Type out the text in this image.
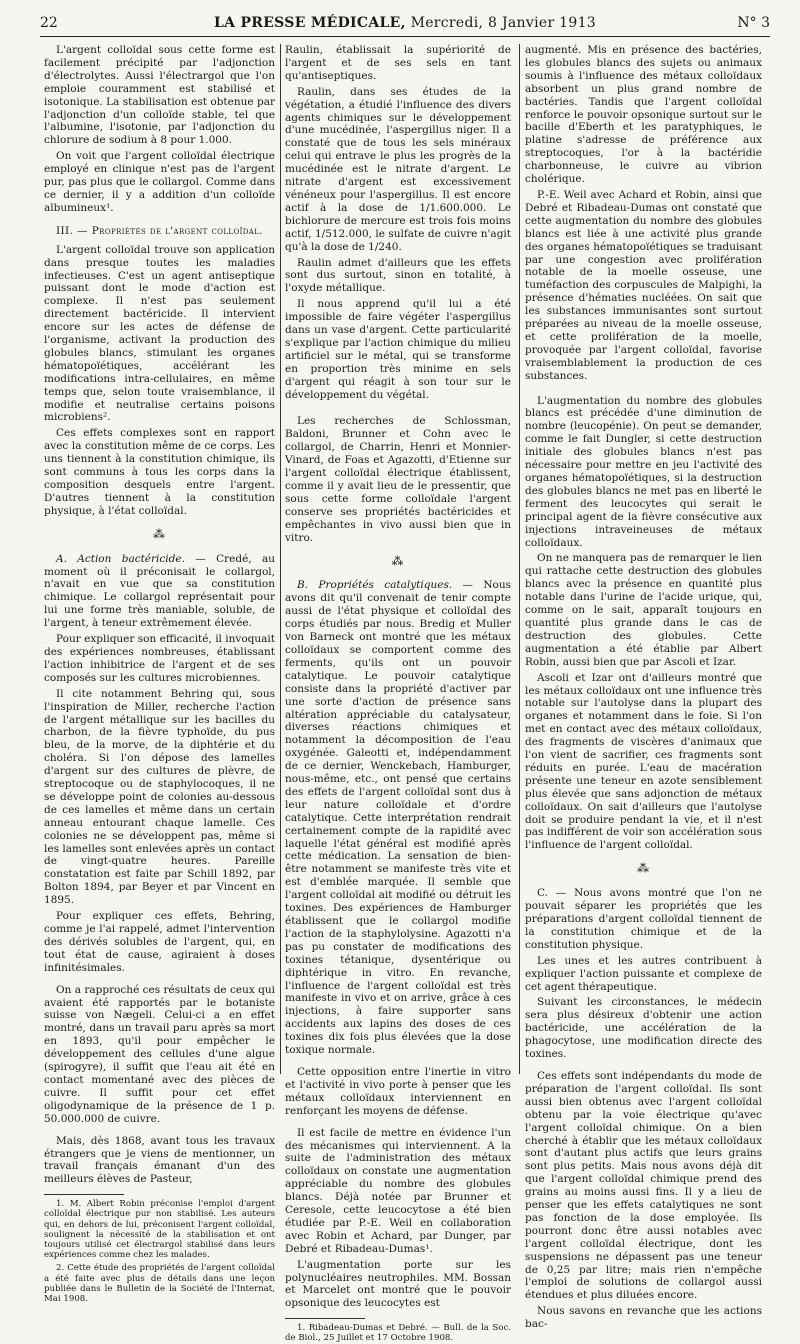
22	LA PRESSE MÉDICALE, Mercredi, 8 Janvier 1913	N° 3

L'argent colloïdal sous cette forme est facilement précipité par l'adjonction d'électrolytes. Aussi l'électrargol que l'on emploie couramment est stabilisé et isotonique. La stabilisation est obtenue par l'adjonction d'un colloïde stable, tel que l'albumine, l'isotonie, par l'adjonction du chlorure de sodium à 8 pour 1.000.

On voit que l'argent colloïdal électrique employé en clinique n'est pas de l'argent pur, pas plus que le collargol. Comme dans ce dernier, il y a addition d'un colloïde albumineux¹.

III. — Propriétés de l'argent colloïdal.

L'argent colloïdal trouve son application dans presque toutes les maladies infectieuses. C'est un agent antiseptique puissant dont le mode d'action est complexe. Il n'est pas seulement directement bactéricide. Il intervient encore sur les actes de défense de l'organisme, activant la production des globules blancs, stimulant les organes hématopoïétiques, accélérant les modifications intra-cellulaires, en même temps que, selon toute vraisemblance, il modifie et neutralise certains poisons microbiens².

Ces effets complexes sont en rapport avec la constitution même de ce corps. Les uns tiennent à la constitution chimique, ils sont communs à tous les corps dans la composition desquels entre l'argent. D'autres tiennent à la constitution physique, à l'état colloïdal.

⁂

A. Action bactéricide. — Credé, au moment où il préconisait le collargol, n'avait en vue que sa constitution chimique. Le collargol représentait pour lui une forme très maniable, soluble, de l'argent, à teneur extrêmement élevée.

Pour expliquer son efficacité, il invoquait des expériences nombreuses, établissant l'action inhibitrice de l'argent et de ses composés sur les cultures microbiennes.

Il cite notamment Behring qui, sous l'inspiration de Miller, recherche l'action de l'argent métallique sur les bacilles du charbon, de la fièvre typhoïde, du pus bleu, de la morve, de la diphtérie et du choléra. Si l'on dépose des lamelles d'argent sur des cultures de plèvre, de streptocoque ou de staphylocoques, il ne se développe point de colonies au-dessous de ces lamelles et même dans un certain anneau entourant chaque lamelle. Ces colonies ne se développent pas, même si les lamelles sont enlevées après un contact de vingt-quatre heures. Pareille constatation est faite par Schill 1892, par Bolton 1894, par Beyer et par Vincent en 1895.

Pour expliquer ces effets, Behring, comme je l'ai rappelé, admet l'intervention des dérivés solubles de l'argent, qui, en tout état de cause, agiraient à doses infinitésimales.

On a rapproché ces résultats de ceux qui avaient été rapportés par le botaniste suisse von Nægeli. Celui-ci a en effet montré, dans un travail paru après sa mort en 1893, qu'il pour empêcher le développement des cellules d'une algue (spirogyre), il suffit que l'eau ait été en contact momentané avec des pièces de cuivre. Il suffit pour cet effet oligodynamique de la présence de 1 p. 50.000.000 de cuivre.

Mais, dès 1868, avant tous les travaux étrangers que je viens de mentionner, un travail français émanant d'un des meilleurs élèves de Pasteur,

1. M. Albert Robin préconise l'emploi d'argent colloïdal électrique pur non stabilisé. Les auteurs qui, en dehors de lui, préconisent l'argent colloïdal, soulignent la nécessité de la stabilisation et ont toujours utilisé cet électrargol stabilisé dans leurs expériences comme chez les malades.

2. Cette étude des propriétés de l'argent colloïdal a été faite avec plus de détails dans une leçon publiée dans le Bulletin de la Société de l'Internat, Mai 1908.

Raulin, établissait la supériorité de l'argent et de ses sels en tant qu'antiseptiques.

Raulin, dans ses études de la végétation, a étudié l'influence des divers agents chimiques sur le développement d'une mucédinée, l'aspergillus niger. Il a constaté que de tous les sels minéraux celui qui entrave le plus les progrès de la mucédinée est le nitrate d'argent. Le nitrate d'argent est excessivement vénéneux pour l'aspergillus. Il est encore actif à la dose de 1/1.600.000. Le bichlorure de mercure est trois fois moins actif, 1/512.000, le sulfate de cuivre n'agit qu'à la dose de 1/240.

Raulin admet d'ailleurs que les effets sont dus surtout, sinon en totalité, à l'oxyde métallique.

Il nous apprend qu'il lui a été impossible de faire végéter l'aspergillus dans un vase d'argent. Cette particularité s'explique par l'action chimique du milieu artificiel sur le métal, qui se transforme en proportion très minime en sels d'argent qui réagit à son tour sur le développement du végétal.

Les recherches de Schlossman, Baldoni, Brunner et Cohn avec le collargol, de Charrin, Henri et Monnier-Vinard, de Foas et Agazotti, d'Etienne sur l'argent colloïdal électrique établissent, comme il y avait lieu de le pressentir, que sous cette forme colloïdale l'argent conserve ses propriétés bactéricides et empêchantes in vivo aussi bien que in vitro.

⁂

B. Propriétés catalytiques. — Nous avons dit qu'il convenait de tenir compte aussi de l'état physique et colloïdal des corps étudiés par nous. Bredig et Muller von Barneck ont montré que les métaux colloïdaux se comportent comme des ferments, qu'ils ont un pouvoir catalytique. Le pouvoir catalytique consiste dans la propriété d'activer par une sorte d'action de présence sans altération appréciable du catalysateur, diverses réactions chimiques et notamment la décomposition de l'eau oxygénée. Galeotti et, indépendamment de ce dernier, Wenckebach, Hamburger, nous-même, etc., ont pensé que certains des effets de l'argent colloïdal sont dus à leur nature colloïdale et d'ordre catalytique. Cette interprétation rendrait certainement compte de la rapidité avec laquelle l'état général est modifié après cette médication. La sensation de bien-être notamment se manifeste très vite et est d'emblée marquée. Il semble que l'argent colloïdal ait modifié ou détruit les toxines. Des expériences de Hamburger établissent que le collargol modifie l'action de la staphylolysine. Agazotti n'a pas pu constater de modifications des toxines tétanique, dysentérique ou diphtérique in vitro. En revanche, l'influence de l'argent colloïdal est très manifeste in vivo et on arrive, grâce à ces injections, à faire supporter sans accidents aux lapins des doses de ces toxines dix fois plus élevées que la dose toxique normale.

Cette opposition entre l'inertie in vitro et l'activité in vivo porte à penser que les métaux colloïdaux interviennent en renforçant les moyens de défense.

Il est facile de mettre en évidence l'un des mécanismes qui interviennent. A la suite de l'administration des métaux colloïdaux on constate une augmentation appréciable du nombre des globules blancs. Déjà notée par Brunner et Ceresole, cette leucocytose a été bien étudiée par P.-E. Weil en collaboration avec Robin et Achard, par Dunger, par Debré et Ribadeau-Dumas¹.

L'augmentation porte sur les polynucléaires neutrophiles. MM. Bossan et Marcelet ont montré que le pouvoir opsonique des leucocytes est

1. Ribadeau-Dumas et Debré. — Bull. de la Soc. de Biol., 25 Juillet et 17 Octobre 1908.

augmenté. Mis en présence des bactéries, les globules blancs des sujets ou animaux soumis à l'influence des métaux colloïdaux absorbent un plus grand nombre de bactéries. Tandis que l'argent colloïdal renforce le pouvoir opsonique surtout sur le bacille d'Eberth et les paratyphiques, le platine s'adresse de préférence aux streptocoques, l'or à la bactéridie charbonneuse, le cuivre au vibrion cholérique.

P.-E. Weil avec Achard et Robin, ainsi que Debré et Ribadeau-Dumas ont constaté que cette augmentation du nombre des globules blancs est liée à une activité plus grande des organes hématopoïétiques se traduisant par une congestion avec prolifération notable de la moelle osseuse, une tuméfaction des corpuscules de Malpighi, la présence d'hématies nucléées. On sait que les substances immunisantes sont surtout préparées au niveau de la moelle osseuse, et cette prolifération de la moelle, provoquée par l'argent colloïdal, favorise vraisemblablement la production de ces substances.

L'augmentation du nombre des globules blancs est précédée d'une diminution de nombre (leucopénie). On peut se demander, comme le fait Dungler, si cette destruction initiale des globules blancs n'est pas nécessaire pour mettre en jeu l'activité des organes hématopoïétiques, si la destruction des globules blancs ne met pas en liberté le ferment des leucocytes qui serait le principal agent de la fièvre consécutive aux injections intraveineuses de métaux colloïdaux.

On ne manquera pas de remarquer le lien qui rattache cette destruction des globules blancs avec la présence en quantité plus notable dans l'urine de l'acide urique, qui, comme on le sait, apparaît toujours en quantité plus grande dans le cas de destruction des globules. Cette augmentation a été établie par Albert Robin, aussi bien que par Ascoli et Izar.

Ascoli et Izar ont d'ailleurs montré que les métaux colloïdaux ont une influence très notable sur l'autolyse dans la plupart des organes et notamment dans le foie. Si l'on met en contact avec des métaux colloïdaux, des fragments de viscères d'animaux que l'on vient de sacrifier, ces fragments sont réduits en purée. L'eau de macération présente une teneur en azote sensiblement plus élevée que sans adjonction de métaux colloïdaux. On sait d'ailleurs que l'autolyse doit se produire pendant la vie, et il n'est pas indifférent de voir son accélération sous l'influence de l'argent colloïdal.

⁂

C. — Nous avons montré que l'on ne pouvait séparer les propriétés que les préparations d'argent colloïdal tiennent de la constitution chimique et de la constitution physique.

Les unes et les autres contribuent à expliquer l'action puissante et complexe de cet agent thérapeutique.

Suivant les circonstances, le médecin sera plus désireux d'obtenir une action bactéricide, une accélération de la phagocytose, une modification directe des toxines.

Ces effets sont indépendants du mode de préparation de l'argent colloïdal. Ils sont aussi bien obtenus avec l'argent colloïdal obtenu par la voie électrique qu'avec l'argent colloïdal chimique. On a bien cherché à établir que les métaux colloïdaux sont d'autant plus actifs que leurs grains sont plus petits. Mais nous avons déjà dit que l'argent colloïdal chimique prend des grains au moins aussi fins. Il y a lieu de penser que les effets catalytiques ne sont pas fonction de la dose employée. Ils pourront donc être aussi notables avec l'argent colloïdal électrique, dont les suspensions ne dépassent pas une teneur de 0,25 par litre; mais rien n'empêche l'emploi de solutions de collargol aussi étendues et plus diluées encore.

Nous savons en revanche que les actions bac-
